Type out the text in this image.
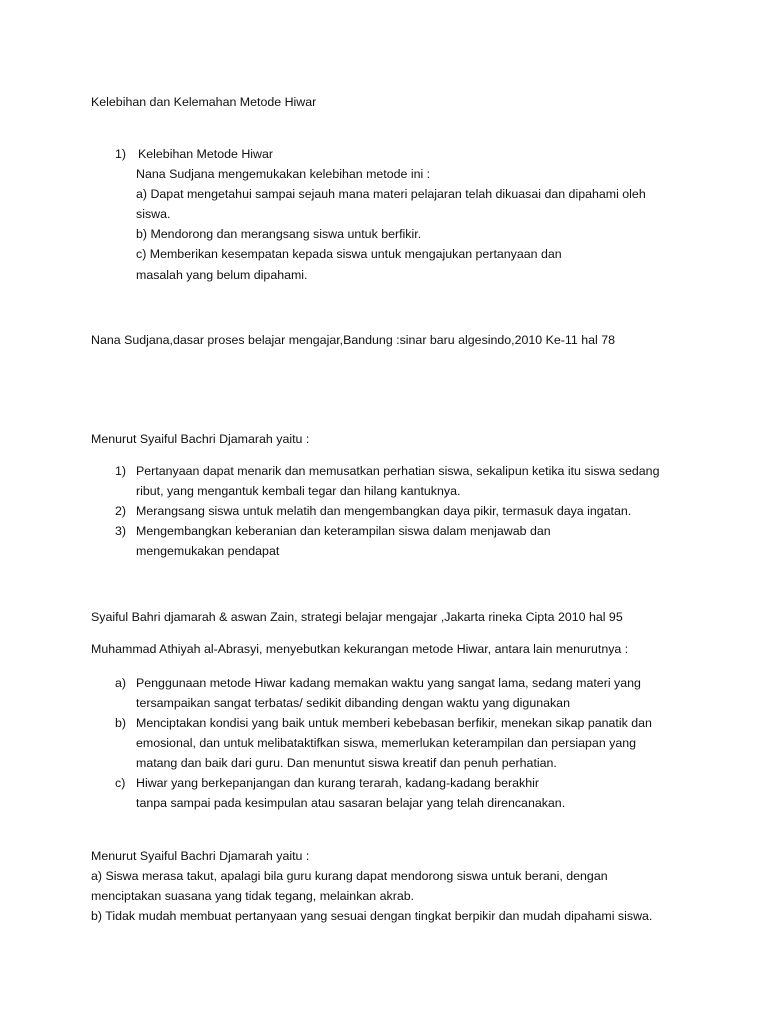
Kelebihan dan Kelemahan Metode Hiwar
1) Kelebihan Metode Hiwar
Nana Sudjana mengemukakan kelebihan metode ini :
a) Dapat mengetahui sampai sejauh mana materi pelajaran telah dikuasai dan dipahami oleh
siswa.
b) Mendorong dan merangsang siswa untuk berfikir.
c) Memberikan kesempatan kepada siswa untuk mengajukan pertanyaan dan
masalah yang belum dipahami.
Nana Sudjana,dasar proses belajar mengajar,Bandung :sinar baru algesindo,2010 Ke-11 hal 78
Menurut Syaiful Bachri Djamarah yaitu :
1) Pertanyaan dapat menarik dan memusatkan perhatian siswa, sekalipun ketika itu siswa sedang
ribut, yang mengantuk kembali tegar dan hilang kantuknya.
2) Merangsang siswa untuk melatih dan mengembangkan daya pikir, termasuk daya ingatan.
3) Mengembangkan keberanian dan keterampilan siswa dalam menjawab dan
mengemukakan pendapat
Syaiful Bahri djamarah & aswan Zain, strategi belajar mengajar ,Jakarta rineka Cipta 2010 hal 95
Muhammad Athiyah al-Abrasyi, menyebutkan kekurangan metode Hiwar, antara lain menurutnya :
a) Penggunaan metode Hiwar kadang memakan waktu yang sangat lama, sedang materi yang
tersampaikan sangat terbatas/ sedikit dibanding dengan waktu yang digunakan
b) Menciptakan kondisi yang baik untuk memberi kebebasan berfikir, menekan sikap panatik dan
emosional, dan untuk melibataktifkan siswa, memerlukan keterampilan dan persiapan yang
matang dan baik dari guru. Dan menuntut siswa kreatif dan penuh perhatian.
c) Hiwar yang berkepanjangan dan kurang terarah, kadang-kadang berakhir
tanpa sampai pada kesimpulan atau sasaran belajar yang telah direncanakan.
Menurut Syaiful Bachri Djamarah yaitu :
a) Siswa merasa takut, apalagi bila guru kurang dapat mendorong siswa untuk berani, dengan
menciptakan suasana yang tidak tegang, melainkan akrab.
b) Tidak mudah membuat pertanyaan yang sesuai dengan tingkat berpikir dan mudah dipahami siswa.
